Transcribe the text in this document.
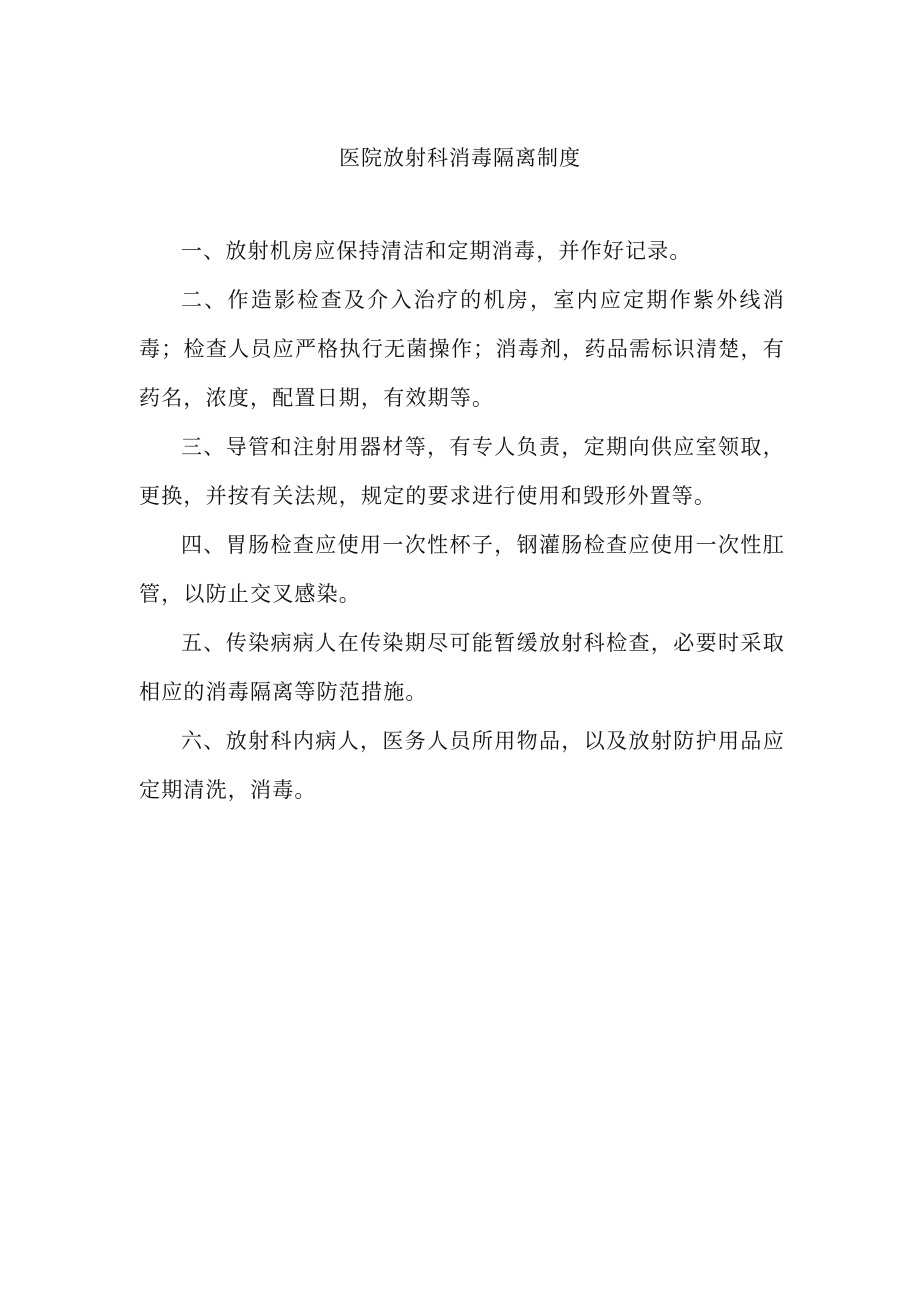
医院放射科消毒隔离制度

一、放射机房应保持清洁和定期消毒，并作好记录。

二、作造影检查及介入治疗的机房，室内应定期作紫外线消毒；检查人员应严格执行无菌操作；消毒剂，药品需标识清楚，有药名，浓度，配置日期，有效期等。

三、导管和注射用器材等，有专人负责，定期向供应室领取，更换，并按有关法规，规定的要求进行使用和毁形外置等。

四、胃肠检查应使用一次性杯子，钢灌肠检查应使用一次性肛管，以防止交叉感染。

五、传染病病人在传染期尽可能暂缓放射科检查，必要时采取相应的消毒隔离等防范措施。

六、放射科内病人，医务人员所用物品，以及放射防护用品应定期清洗，消毒。
